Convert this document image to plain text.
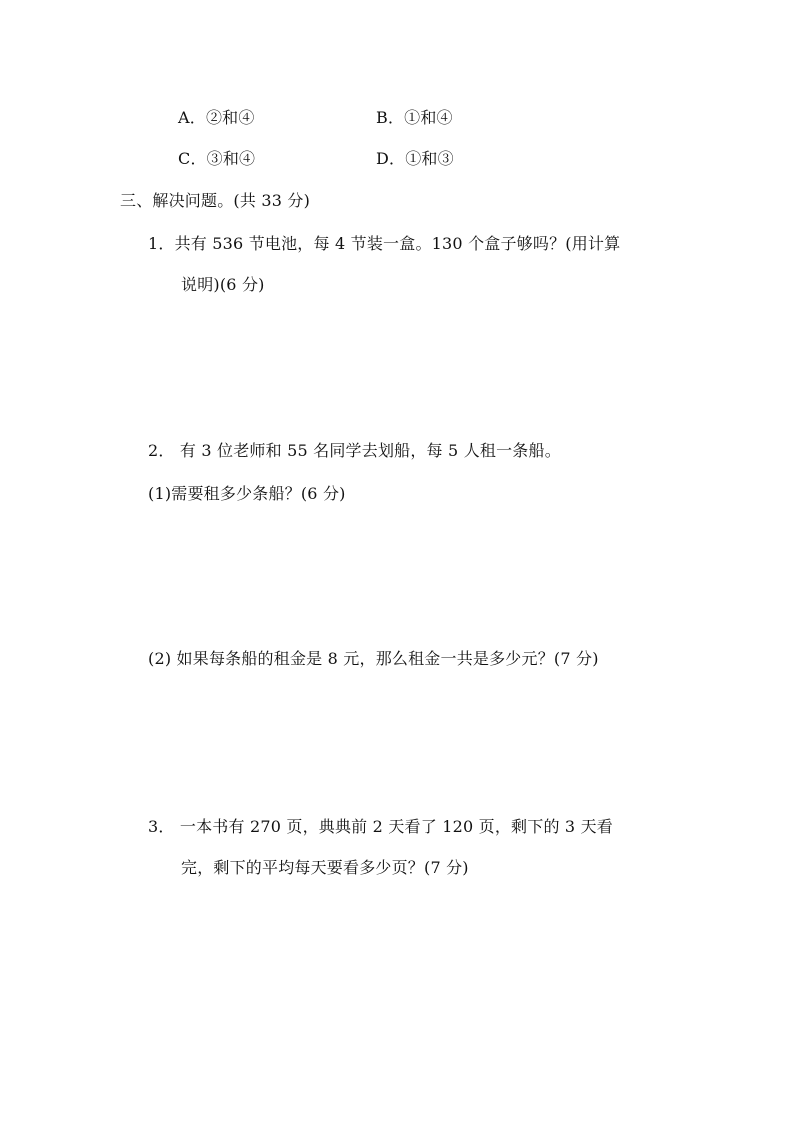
A．②和④	B．①和④
C．③和④	D．①和③
三、解决问题。(共 33 分)
1．共有 536 节电池，每 4 节装一盒。130 个盒子够吗？(用计算
说明)(6 分)
2． 有 3 位老师和 55 名同学去划船，每 5 人租一条船。
(1)需要租多少条船？(6 分)
(2) 如果每条船的租金是 8 元，那么租金一共是多少元？(7 分)
3． 一本书有 270 页，典典前 2 天看了 120 页，剩下的 3 天看
完，剩下的平均每天要看多少页？(7 分)
